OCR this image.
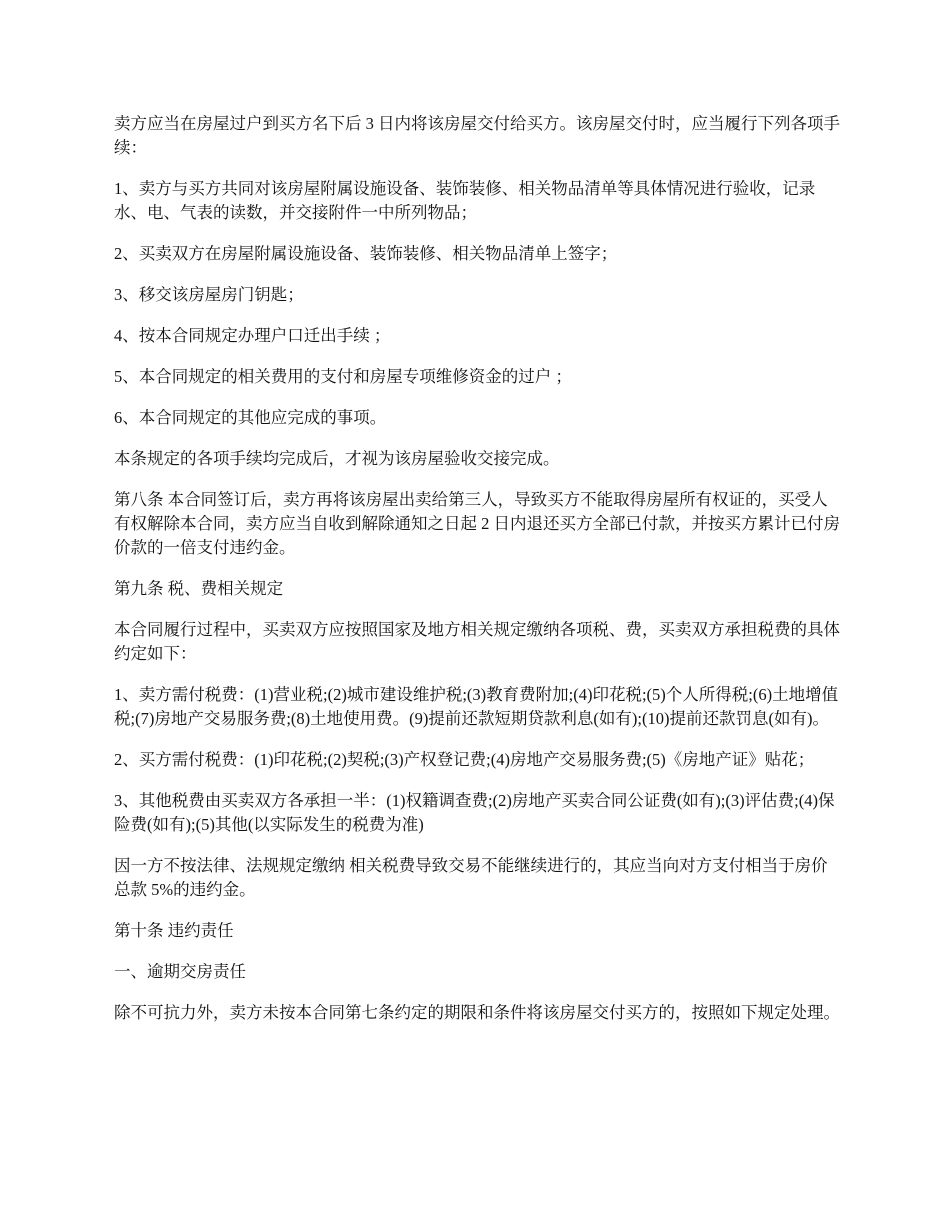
卖方应当在房屋过户到买方名下后 3 日内将该房屋交付给买方。该房屋交付时，应当履行下列各项手续：

1、卖方与买方共同对该房屋附属设施设备、装饰装修、相关物品清单等具体情况进行验收，记录水、电、气表的读数，并交接附件一中所列物品；

2、买卖双方在房屋附属设施设备、装饰装修、相关物品清单上签字；

3、移交该房屋房门钥匙；

4、按本合同规定办理户口迁出手续 ；

5、本合同规定的相关费用的支付和房屋专项维修资金的过户 ；

6、本合同规定的其他应完成的事项。

本条规定的各项手续均完成后，才视为该房屋验收交接完成。

第八条 本合同签订后，卖方再将该房屋出卖给第三人，导致买方不能取得房屋所有权证的，买受人有权解除本合同，卖方应当自收到解除通知之日起 2 日内退还买方全部已付款，并按买方累计已付房价款的一倍支付违约金。

第九条 税、费相关规定

本合同履行过程中，买卖双方应按照国家及地方相关规定缴纳各项税、费，买卖双方承担税费的具体约定如下：

1、卖方需付税费：(1)营业税;(2)城市建设维护税;(3)教育费附加;(4)印花税;(5)个人所得税;(6)土地增值税;(7)房地产交易服务费;(8)土地使用费。(9)提前还款短期贷款利息(如有);(10)提前还款罚息(如有)。

2、买方需付税费：(1)印花税;(2)契税;(3)产权登记费;(4)房地产交易服务费;(5)《房地产证》贴花；

3、其他税费由买卖双方各承担一半：(1)权籍调查费;(2)房地产买卖合同公证费(如有);(3)评估费;(4)保险费(如有);(5)其他(以实际发生的税费为准)

因一方不按法律、法规规定缴纳 相关税费导致交易不能继续进行的，其应当向对方支付相当于房价总款 5%的违约金。

第十条 违约责任

一、逾期交房责任

除不可抗力外，卖方未按本合同第七条约定的期限和条件将该房屋交付买方的，按照如下规定处理。
